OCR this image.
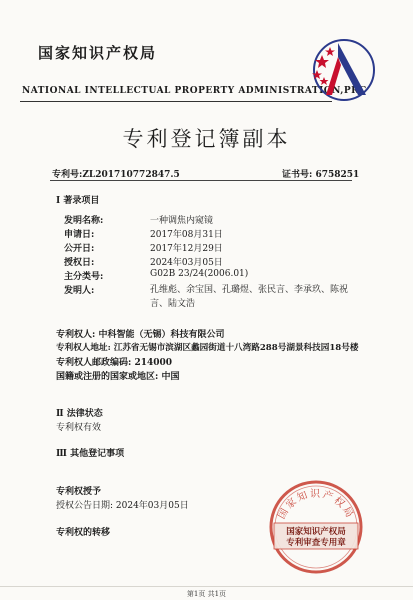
国家知识产权局
NATIONAL INTELLECTUAL PROPERTY ADMINISTRATION,PRC
专利登记簿副本
专利号:ZL201710772847.5	证书号: 6758251
Ⅰ 著录项目
发明名称:	一种调焦内窥镜
申请日:	2017年08月31日
公开日:	2017年12月29日
授权日:	2024年03月05日
主分类号:	G02B 23/24(2006.01)
发明人:	孔维彪、余宝国、孔璐煜、张民言、李承玖、陈祝言、陆文浩
专利权人: 中科智能（无锡）科技有限公司
专利权人地址: 江苏省无锡市滨湖区蠡园街道十八湾路288号湖景科技园18号楼
专利权人邮政编码: 214000
国籍或注册的国家或地区: 中国
Ⅱ 法律状态
专利权有效
Ⅲ 其他登记事项
专利权授予
授权公告日期: 2024年03月05日
专利权的转移
国家知识产权局
国家知识产权局
专利审查专用章
第1页 共1页
